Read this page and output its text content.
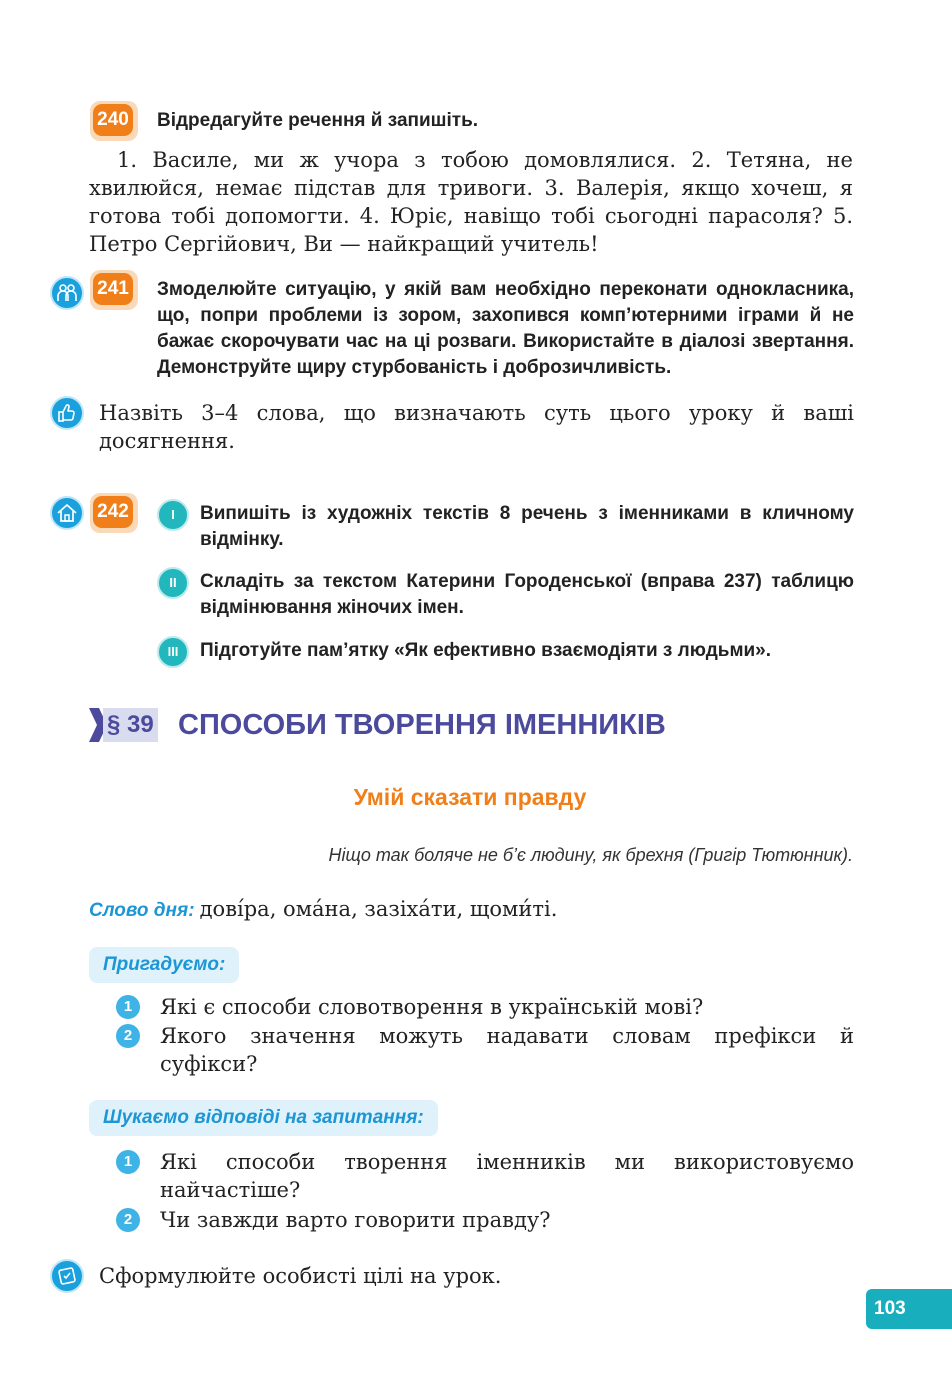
240 Відредагуйте речення й запишіть.
1. Василе, ми ж учора з тобою домовлялися. 2. Тетяна, не хвилюйся, немає підстав для тривоги. 3. Валерія, якщо хочеш, я готова тобі допомогти. 4. Юріє, навіщо тобі сьогодні парасоля? 5. Петро Сергійович, Ви — найкращий учитель!
241 Змоделюйте ситуацію, у якій вам необхідно переконати однокласника, що, попри проблеми із зором, захопився комп’ютерними іграми й не бажає скорочувати час на ці розваги. Використайте в діалозі звертання. Демонструйте щиру стурбованість і доброзичливість.
Назвіть 3–4 слова, що визначають суть цього уроку й ваші досягнення.
242	I	Випишіть із художніх текстів 8 речень з іменниками в кличному відмінку.
II	Складіть за текстом Катерини Городенської (вправа 237) таблицю відмінювання жіночих імен.
III	Підготуйте пам’ятку «Як ефективно взаємодіяти з людьми».
§ 39 СПОСОБИ ТВОРЕННЯ ІМЕННИКІВ
Умій сказати правду
Ніщо так боляче не б’є людину, як брехня (Григір Тютюнник).
Слово дня: дові́ра, ома́на, зазіха́ти, щоми́ті.
Пригадуємо:
1	Які є способи словотворення в українській мові?
2	Якого значення можуть надавати словам префікси й суфікси?
Шукаємо відповіді на запитання:
1	Які способи творення іменників ми використовуємо найчастіше?
2	Чи завжди варто говорити правду?
Сформулюйте особисті цілі на урок.
103
